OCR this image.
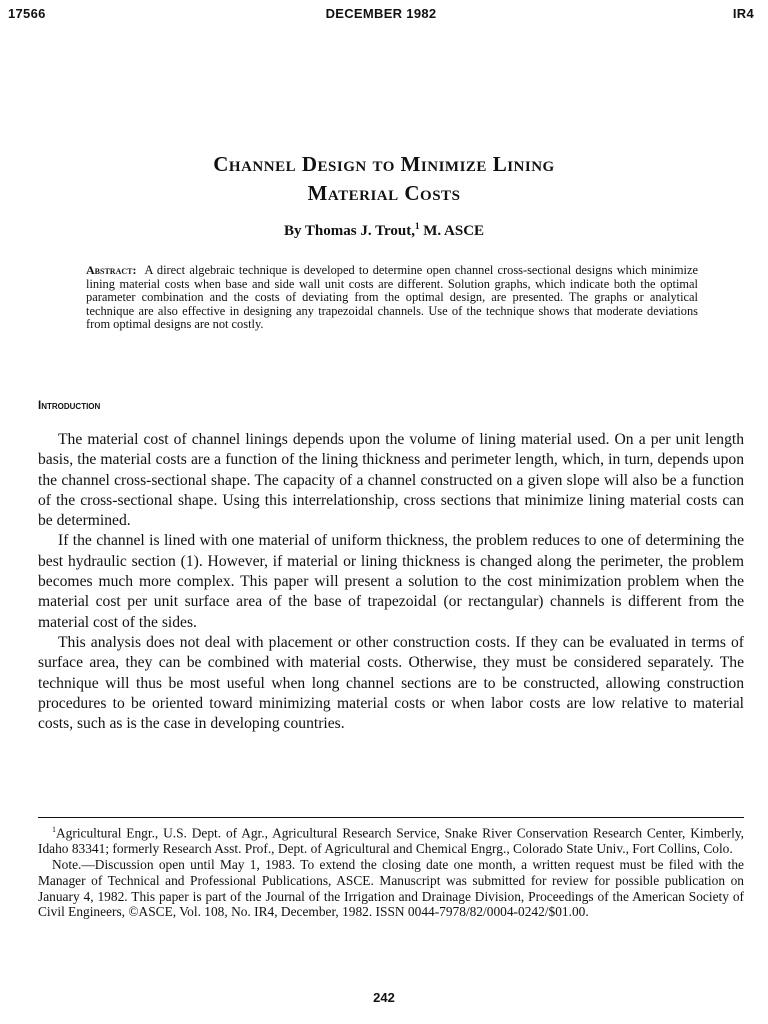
17566	DECEMBER 1982	IR4
Channel Design to Minimize Lining
Material Costs
By Thomas J. Trout,$^1$ M. ASCE
Abstract: A direct algebraic technique is developed to determine open channel cross-sectional designs which minimize lining material costs when base and side wall unit costs are different. Solution graphs, which indicate both the optimal parameter combination and the costs of deviating from the optimal design, are presented. The graphs or analytical technique are also effective in designing any trapezoidal channels. Use of the technique shows that moderate deviations from optimal designs are not costly.
Introduction

The material cost of channel linings depends upon the volume of lining material used. On a per unit length basis, the material costs are a function of the lining thickness and perimeter length, which, in turn, depends upon the channel cross-sectional shape. The capacity of a channel constructed on a given slope will also be a function of the cross-sectional shape. Using this interrelationship, cross sections that minimize lining material costs can be determined.

If the channel is lined with one material of uniform thickness, the problem reduces to one of determining the best hydraulic section (1). However, if material or lining thickness is changed along the perimeter, the problem becomes much more complex. This paper will present a solution to the cost minimization problem when the material cost per unit surface area of the base of trapezoidal (or rectangular) channels is different from the material cost of the sides.

This analysis does not deal with placement or other construction costs. If they can be evaluated in terms of surface area, they can be combined with material costs. Otherwise, they must be considered separately. The technique will thus be most useful when long channel sections are to be constructed, allowing construction procedures to be oriented toward minimizing material costs or when labor costs are low relative to material costs, such as is the case in developing countries.

$^1$Agricultural Engr., U.S. Dept. of Agr., Agricultural Research Service, Snake River Conservation Research Center, Kimberly, Idaho 83341; formerly Research Asst. Prof., Dept. of Agricultural and Chemical Engrg., Colorado State Univ., Fort Collins, Colo.

Note.—Discussion open until May 1, 1983. To extend the closing date one month, a written request must be filed with the Manager of Technical and Professional Publications, ASCE. Manuscript was submitted for review for possible publication on January 4, 1982. This paper is part of the Journal of the Irrigation and Drainage Division, Proceedings of the American Society of Civil Engineers, ©ASCE, Vol. 108, No. IR4, December, 1982. ISSN 0044-7978/82/0004-0242/$01.00.

242
